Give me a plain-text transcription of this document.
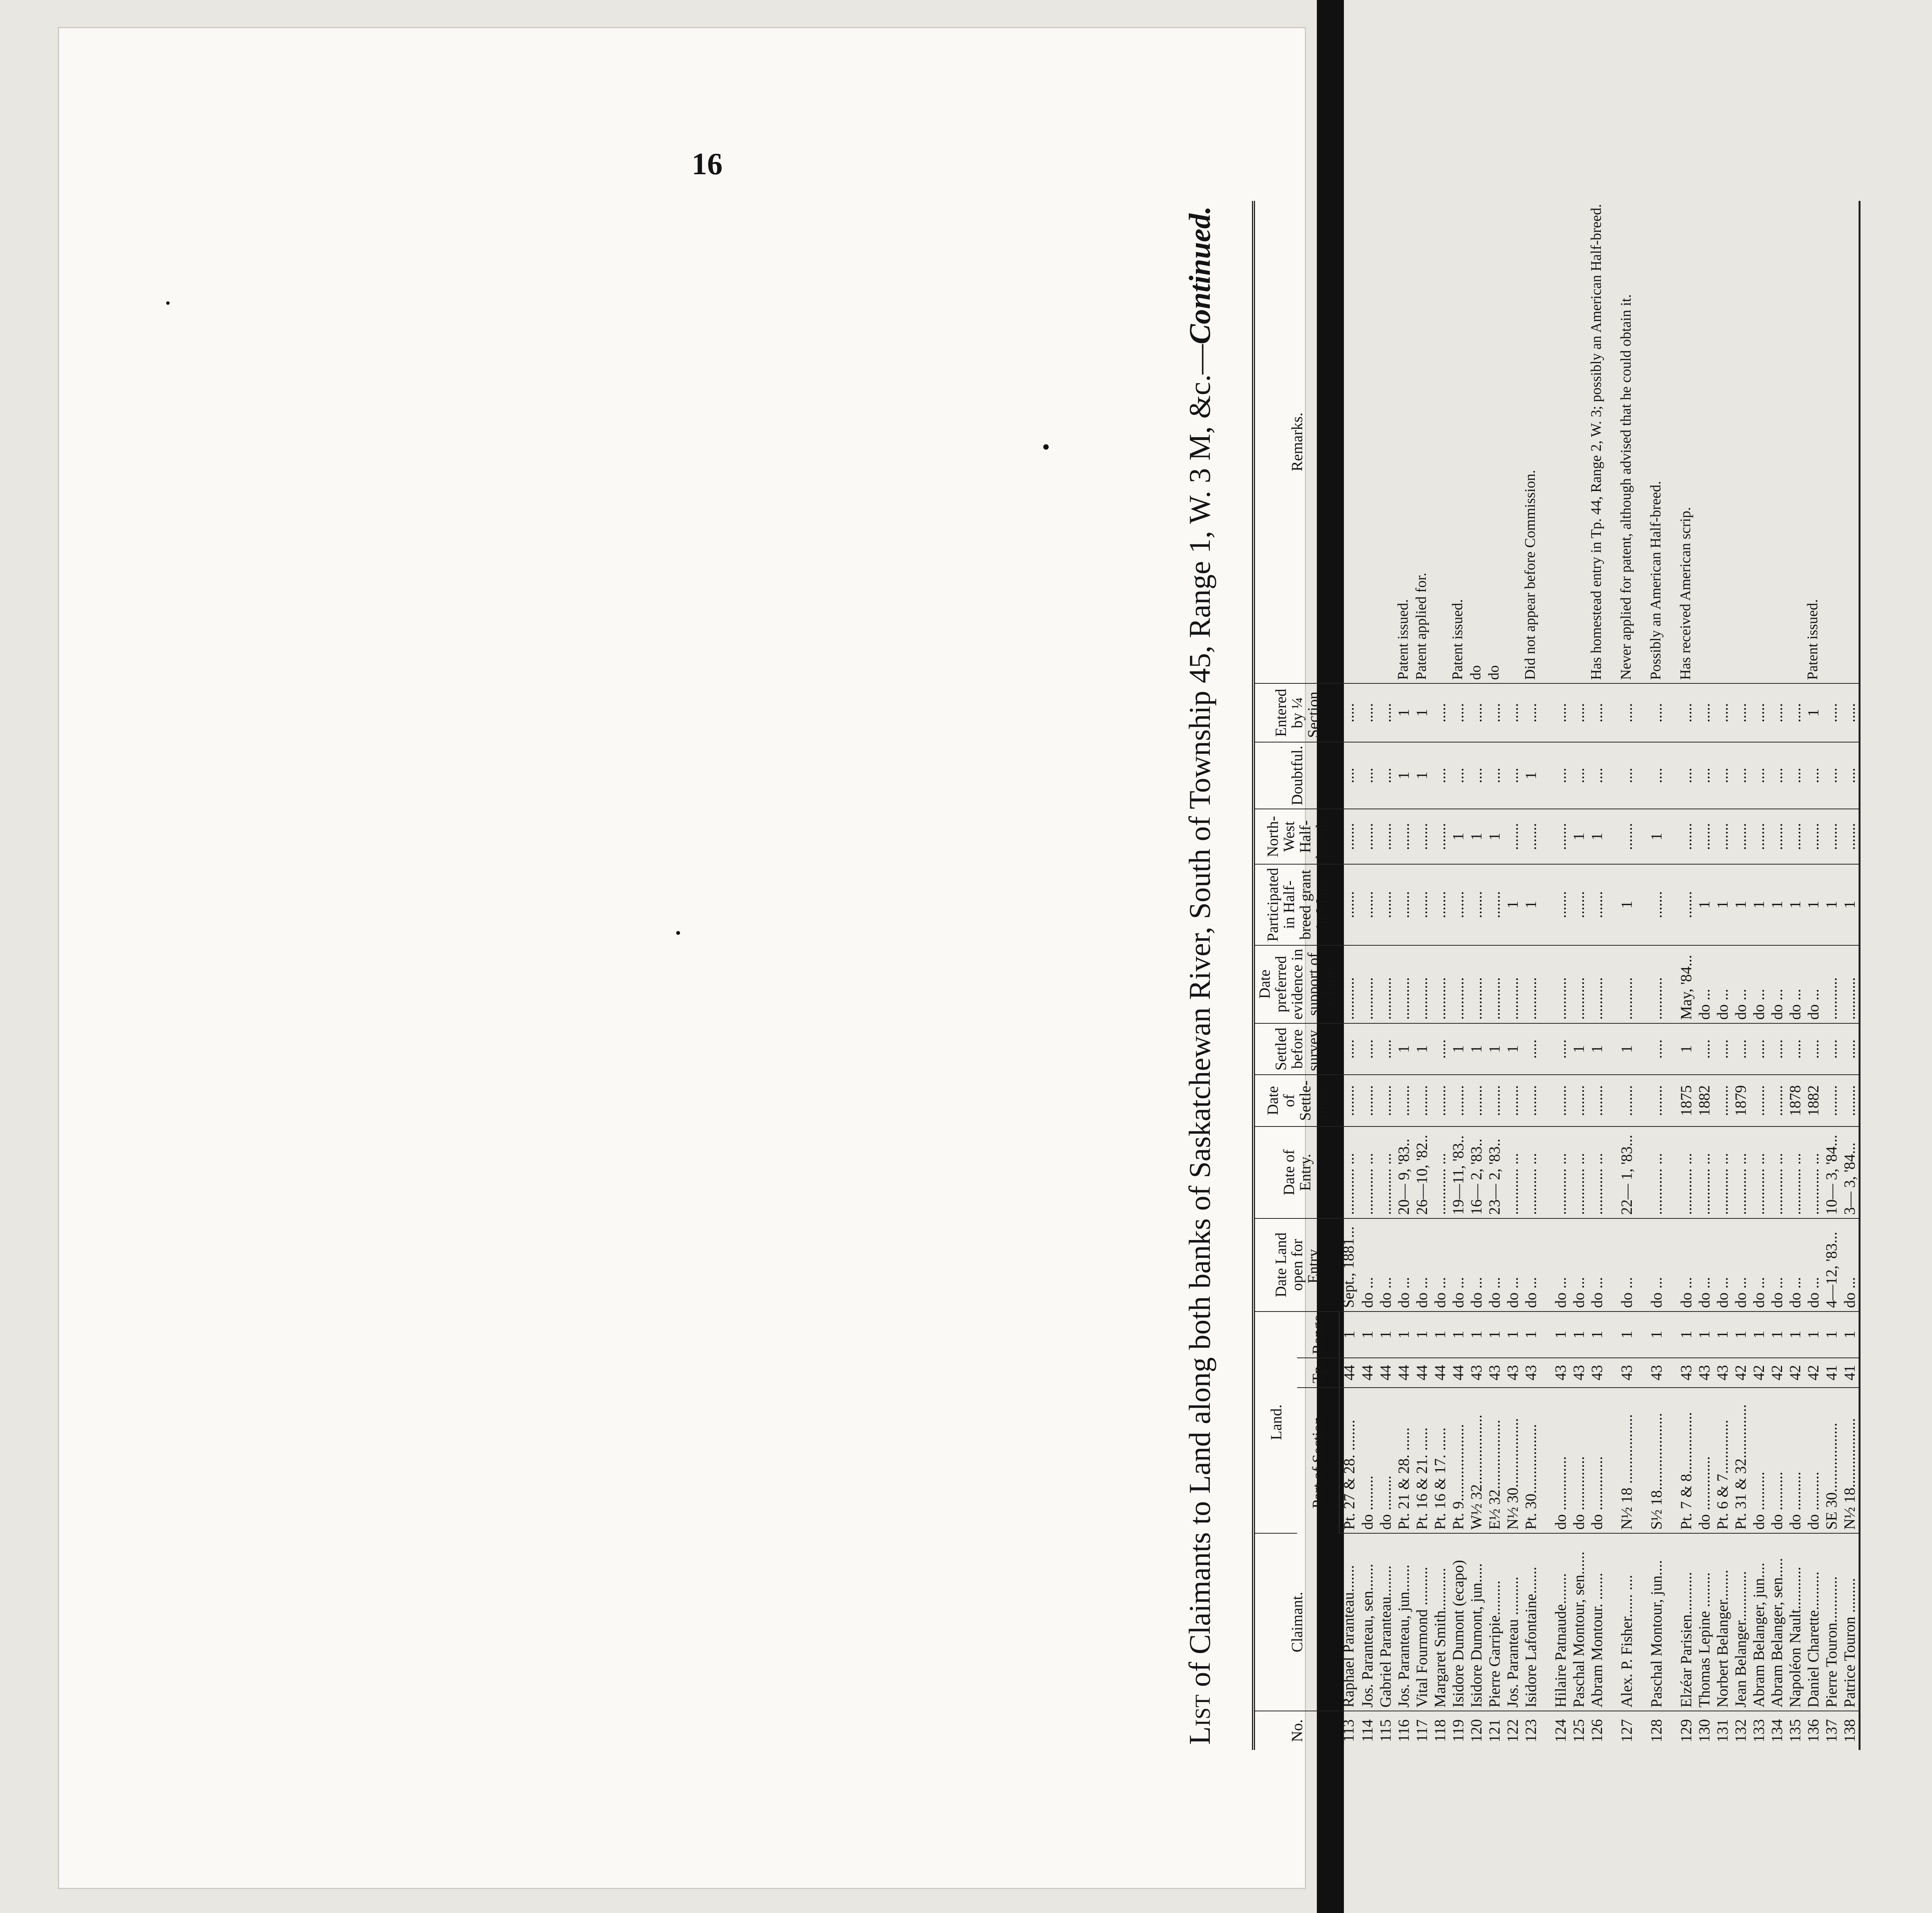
16
List of Claimants to Land along both banks of Saskatchewan River, South of Township 45, Range 1, W. 3 M, &c.—Continued.
No.	Claimant.	Land.			Date Land open for Entry.	Date of Entry.	Date of Settle-ment.	Settled before survey.	Date preferred evidence in support of Claim.	Participated in Half-breed grant in Man.	North-West Half-breeds.	Doubtful.	Entered by ¼ Section.	Remarks.
		Part of Section.	Tp.	Range										
113	Raphael Paranteau.......	Pt. 27 & 28. ........	44	1	Sept., 1881...	............ ...	........	.....	...........	.......	.......	....	.....	
114	Jos. Paranteau, sen.......	do .........	44	1	do ...	............ ...	........	.....	...........	.......	.......	....	.....	
115	Gabriel Paranteau........	do .........	44	1	do ...	............ ...	........	.....	...........	.......	.......	....	.....	
116	Jos. Paranteau, jun.......	Pt. 21 & 28. ......	44	1	do ...	20— 9, '83..	........	1	...........	.......	.......	1	1	Patent issued.
117	Vital Fourmond ..........	Pt. 16 & 21. ......	44	1	do ...	26—10, '82..	........	1	...........	.......	.......	1	1	Patent applied for.
118	Margaret Smith...........	Pt. 16 & 17. ......	44	1	do ...	............ ...	........	.....	...........	.......	.......	....	.....	
119	Isidore Dumont (ecapo)	Pt. 9....................	44	1	do ...	19—11, '83..	........	1	...........	.......	1	....	.....	Patent issued.
120	Isidore Dumont, jun.....	W½ 32..................	43	1	do ...	16— 2, '83..	........	1	...........	.......	1	....	.....	do
121	Pierre Garripie.........	E½ 32..................	43	1	do ...	23— 2, '83..	........	1	...........	.......	1	....	.....	do
122	Jos. Paranteau ..........	N½ 30..................	43	1	do ...	............ ...	........	1	...........	1	.......	....	.....	
123	Isidore Lafontaine.......	Pt. 30..................	43	1	do ...	............ ...	........	.....	...........	1	.......	1	.....	Did not appear before Commission.

124	Hilaire Patnaude........	do ..............	43	1	do ...	............ ...	........	.....	...........	.......	.......	....	.....	
125	Paschal Montour, sen......	do ..............	43	1	do ...	............ ...	........	1	...........	.......	1	....	.....	
126	Abram Montour. .......	do ..............	43	1	do ...	............ ...	........	1	...........	.......	1	....	.....	Has homestead entry in Tp. 44, Range 2, W. 3; possibly an American Half-breed.

127	Alex. P. Fisher...... ....	N½ 18 ..................	43	1	do ...	22— 1, '83...	........	1	...........	1	.......	....	.....	Never applied for patent, although advised that he could obtain it.

128	Paschal Montour, jun....	S½ 18....................	43	1	do ...	............ ...	........	.....	...........	.......	1	....	.....	Possibly an American Half-breed.

129	Elzéar Parisien...........	Pt. 7 & 8................	43	1	do ...	............ ...	1875	1	May, '84...	.......	.......	....	.....	Has received American scrip.
130	Thomas Lepine .........	do ..............	43	1	do ...	............ ...	1882	.....	do ...	1	.......	....	.....	
131	Norbert Belanger........	Pt. 6 & 7..............	43	1	do ...	............ ...	........	.....	do ...	1	.......	....	.....	
132	Jean Belanger.............	Pt. 31 & 32..............	42	1	do ...	............ ...	1879	.....	do ...	1	.......	....	.....	
133	Abram Belanger, jun....	do ..........	42	1	do ...	............ ...	........	.....	do ...	1	.......	....	.....	
134	Abram Belanger, sen.....	do ..........	42	1	do ...	............ ...	........	.....	do ...	1	.......	....	.....	
135	Napoléon Nault...........	do ..........	42	1	do ...	............ ...	1878	.....	do ...	1	.......	....	.....	
136	Daniel Charette..........	do ..........	42	1	do ...	............ ...	1882	.....	do ...	1	.......	....	1	Patent issued.
137	Pierre Touron............	SE 30..................	41	1	4—12, '83...	10— 3, '84...	........	.....	...........	1	.......	....	.....	
138	Patrice Touron .........	N½ 18..................	41	1	do ...	3— 3, '84...	........	.....	...........	1	.......	....	.....	
